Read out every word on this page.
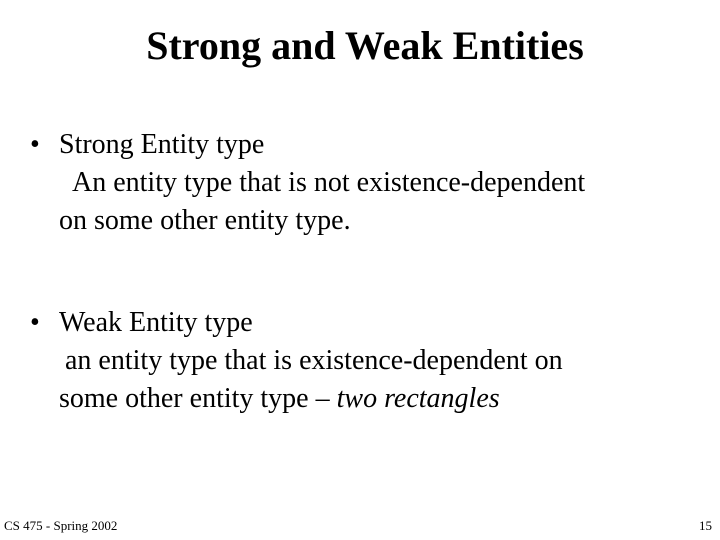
Strong and Weak Entities
• Strong Entity type
An entity type that is not existence-dependent
on some other entity type.
• Weak Entity type
an entity type that is existence-dependent on
some other entity type – two rectangles
CS 475 - Spring 2002	15
